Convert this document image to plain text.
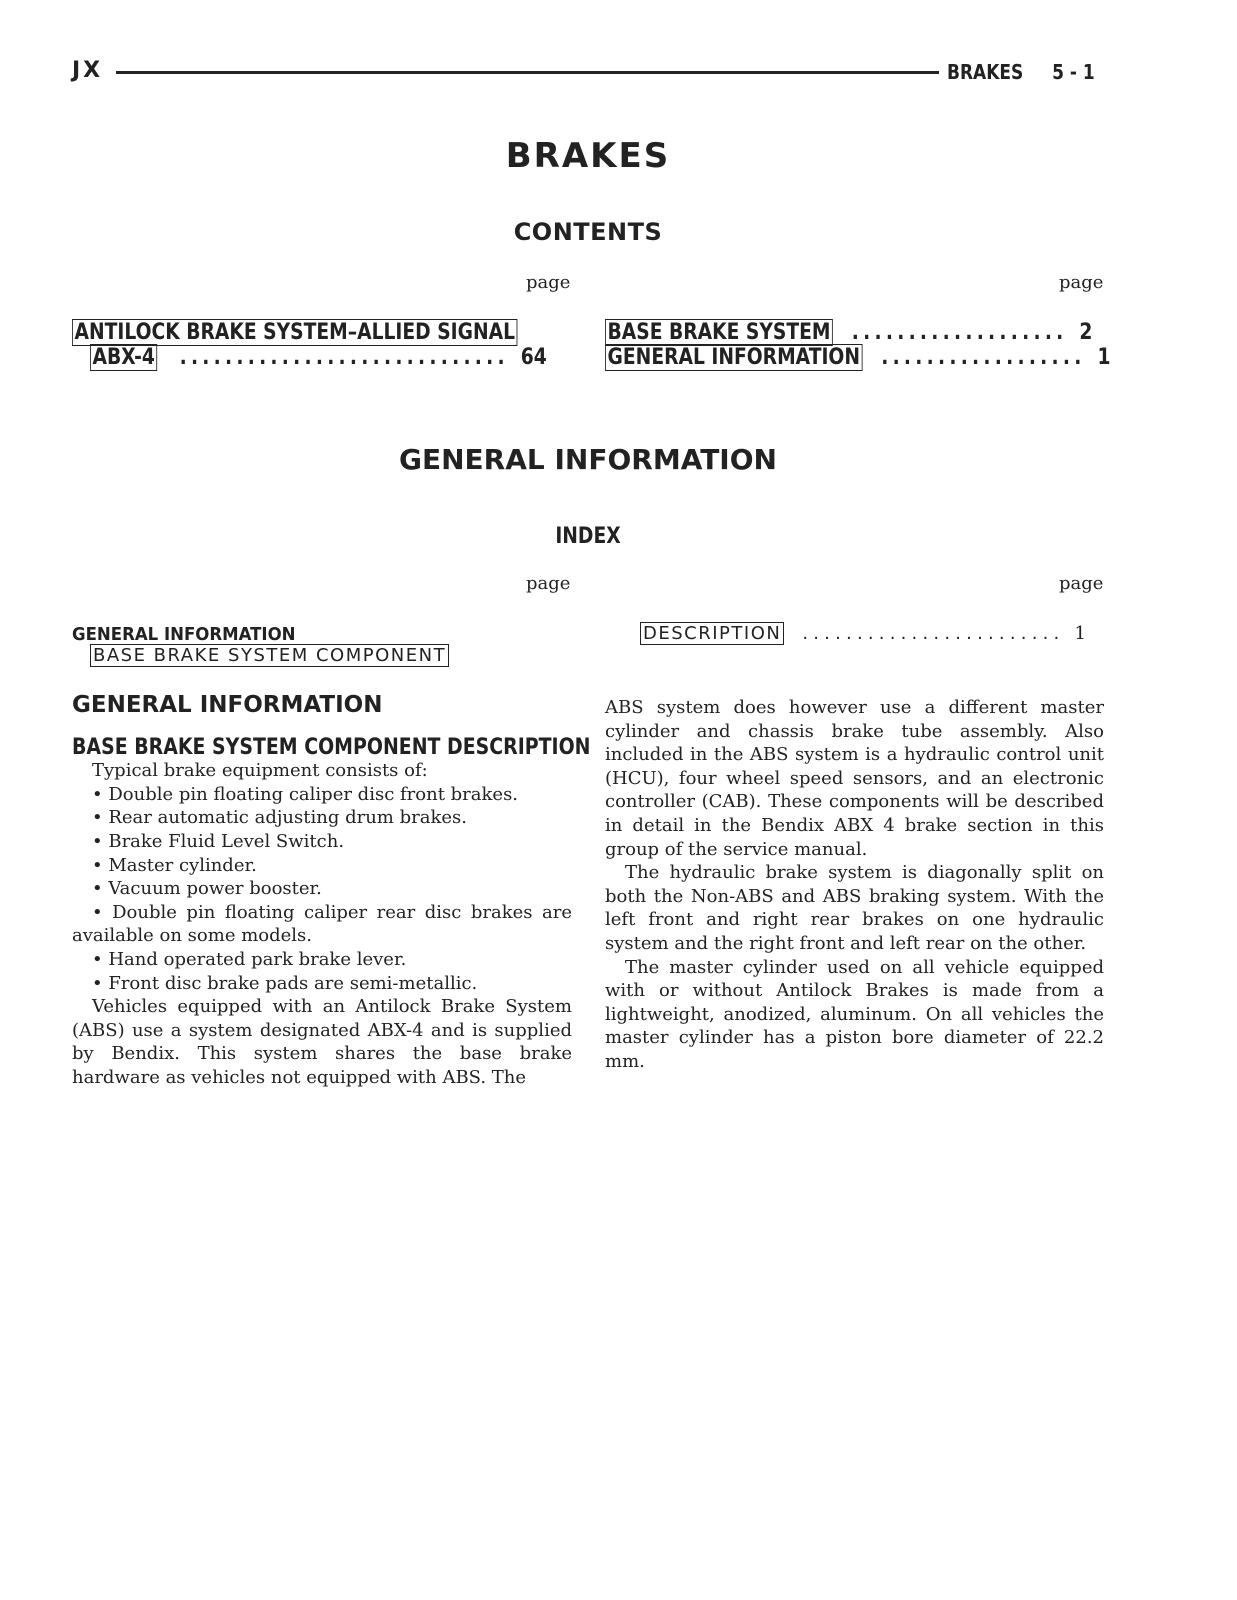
JX	BRAKES 5 - 1
BRAKES
CONTENTS
page	page
ANTILOCK BRAKE SYSTEM–ALLIED SIGNAL
ABX-4 ............................. 64
BASE BRAKE SYSTEM ................... 2
GENERAL INFORMATION .................. 1
GENERAL INFORMATION
INDEX
page	page
GENERAL INFORMATION
BASE BRAKE SYSTEM COMPONENT
DESCRIPTION ........................ 1
GENERAL INFORMATION
BASE BRAKE SYSTEM COMPONENT DESCRIPTION

Typical brake equipment consists of:

• Double pin floating caliper disc front brakes.

• Rear automatic adjusting drum brakes.

• Brake Fluid Level Switch.

• Master cylinder.

• Vacuum power booster.

• Double pin floating caliper rear disc brakes are available on some models.

• Hand operated park brake lever.

• Front disc brake pads are semi-metallic.

Vehicles equipped with an Antilock Brake System (ABS) use a system designated ABX-4 and is supplied by Bendix. This system shares the base brake hardware as vehicles not equipped with ABS. The

ABS system does however use a different master cylinder and chassis brake tube assembly. Also included in the ABS system is a hydraulic control unit (HCU), four wheel speed sensors, and an electronic controller (CAB). These components will be described in detail in the Bendix ABX 4 brake section in this group of the service manual.

The hydraulic brake system is diagonally split on both the Non-ABS and ABS braking system. With the left front and right rear brakes on one hydraulic system and the right front and left rear on the other.

The master cylinder used on all vehicle equipped with or without Antilock Brakes is made from a lightweight, anodized, aluminum. On all vehicles the master cylinder has a piston bore diameter of 22.2 mm.
